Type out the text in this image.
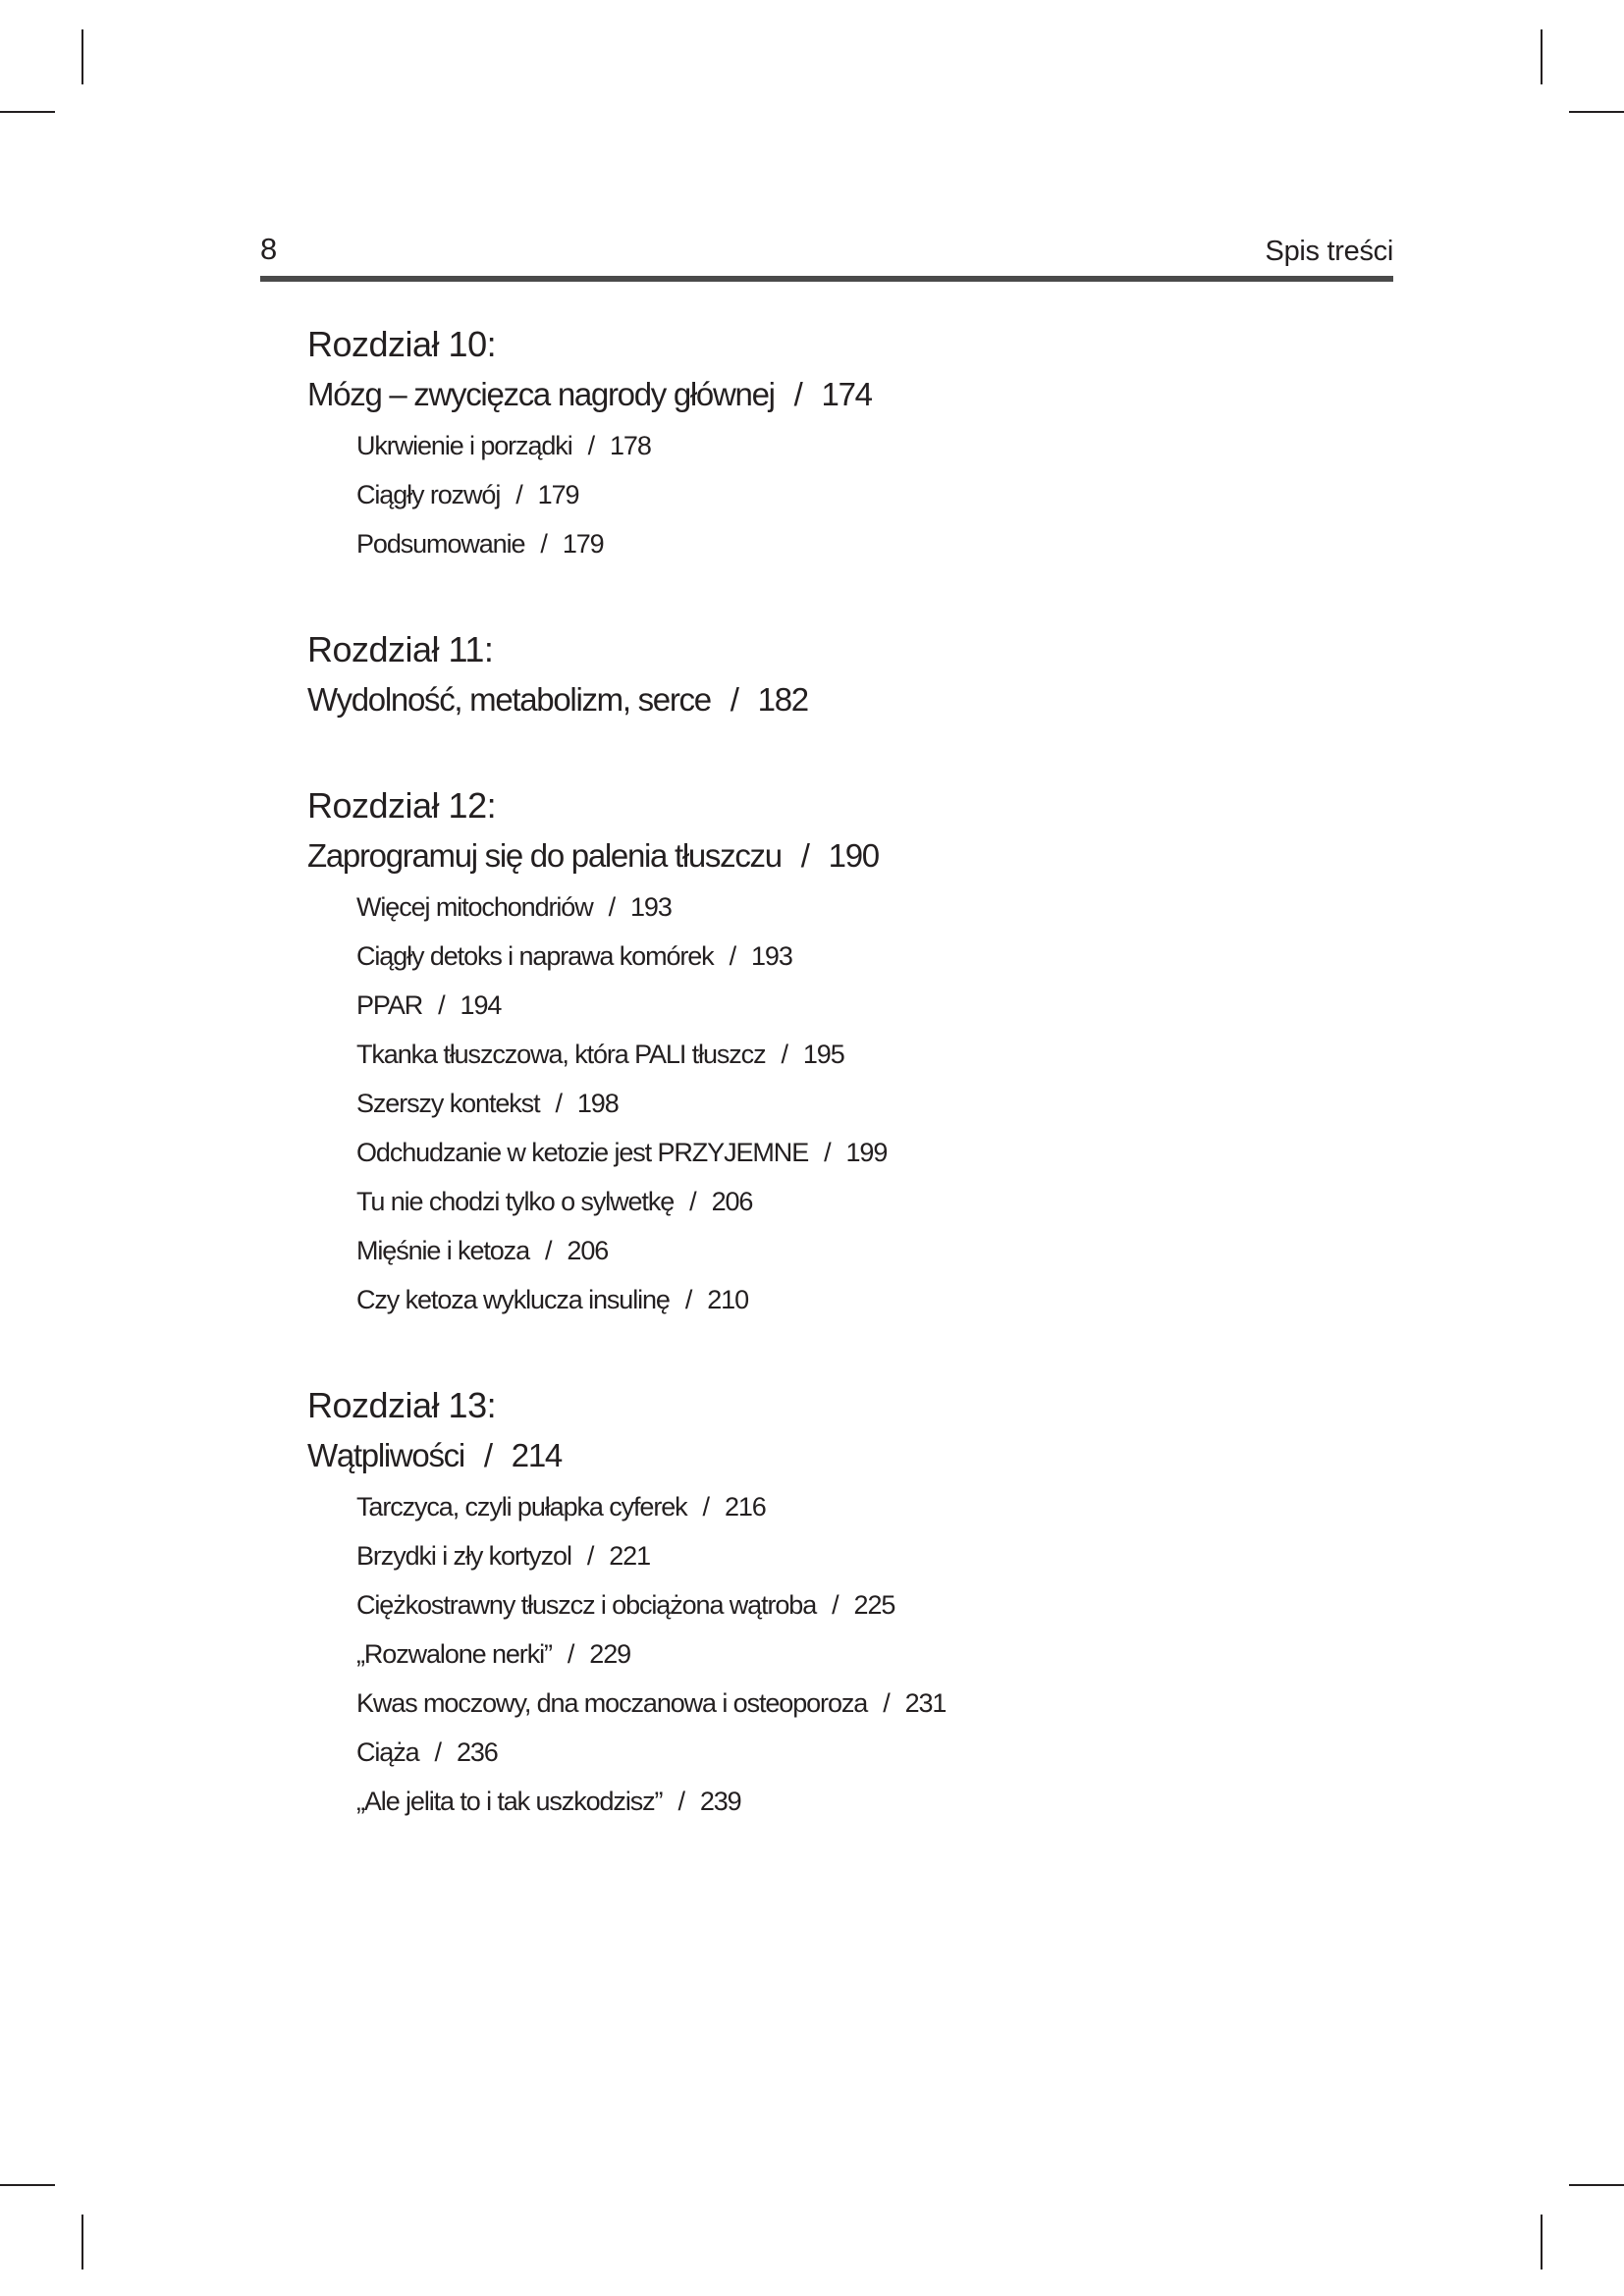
8	Spis treści
Rozdział 10:
Mózg – zwycięzca nagrody głównej / 174
Ukrwienie i porządki / 178
Ciągły rozwój / 179
Podsumowanie / 179
Rozdział 11:
Wydolność, metabolizm, serce / 182
Rozdział 12:
Zaprogramuj się do palenia tłuszczu / 190
Więcej mitochondriów / 193
Ciągły detoks i naprawa komórek / 193
PPAR / 194
Tkanka tłuszczowa, która PALI tłuszcz / 195
Szerszy kontekst / 198
Odchudzanie w ketozie jest PRZYJEMNE / 199
Tu nie chodzi tylko o sylwetkę / 206
Mięśnie i ketoza / 206
Czy ketoza wyklucza insulinę / 210
Rozdział 13:
Wątpliwości / 214
Tarczyca, czyli pułapka cyferek / 216
Brzydki i zły kortyzol / 221
Ciężkostrawny tłuszcz i obciążona wątroba / 225
„Rozwalone nerki” / 229
Kwas moczowy, dna moczanowa i osteoporoza / 231
Ciąża / 236
„Ale jelita to i tak uszkodzisz” / 239
